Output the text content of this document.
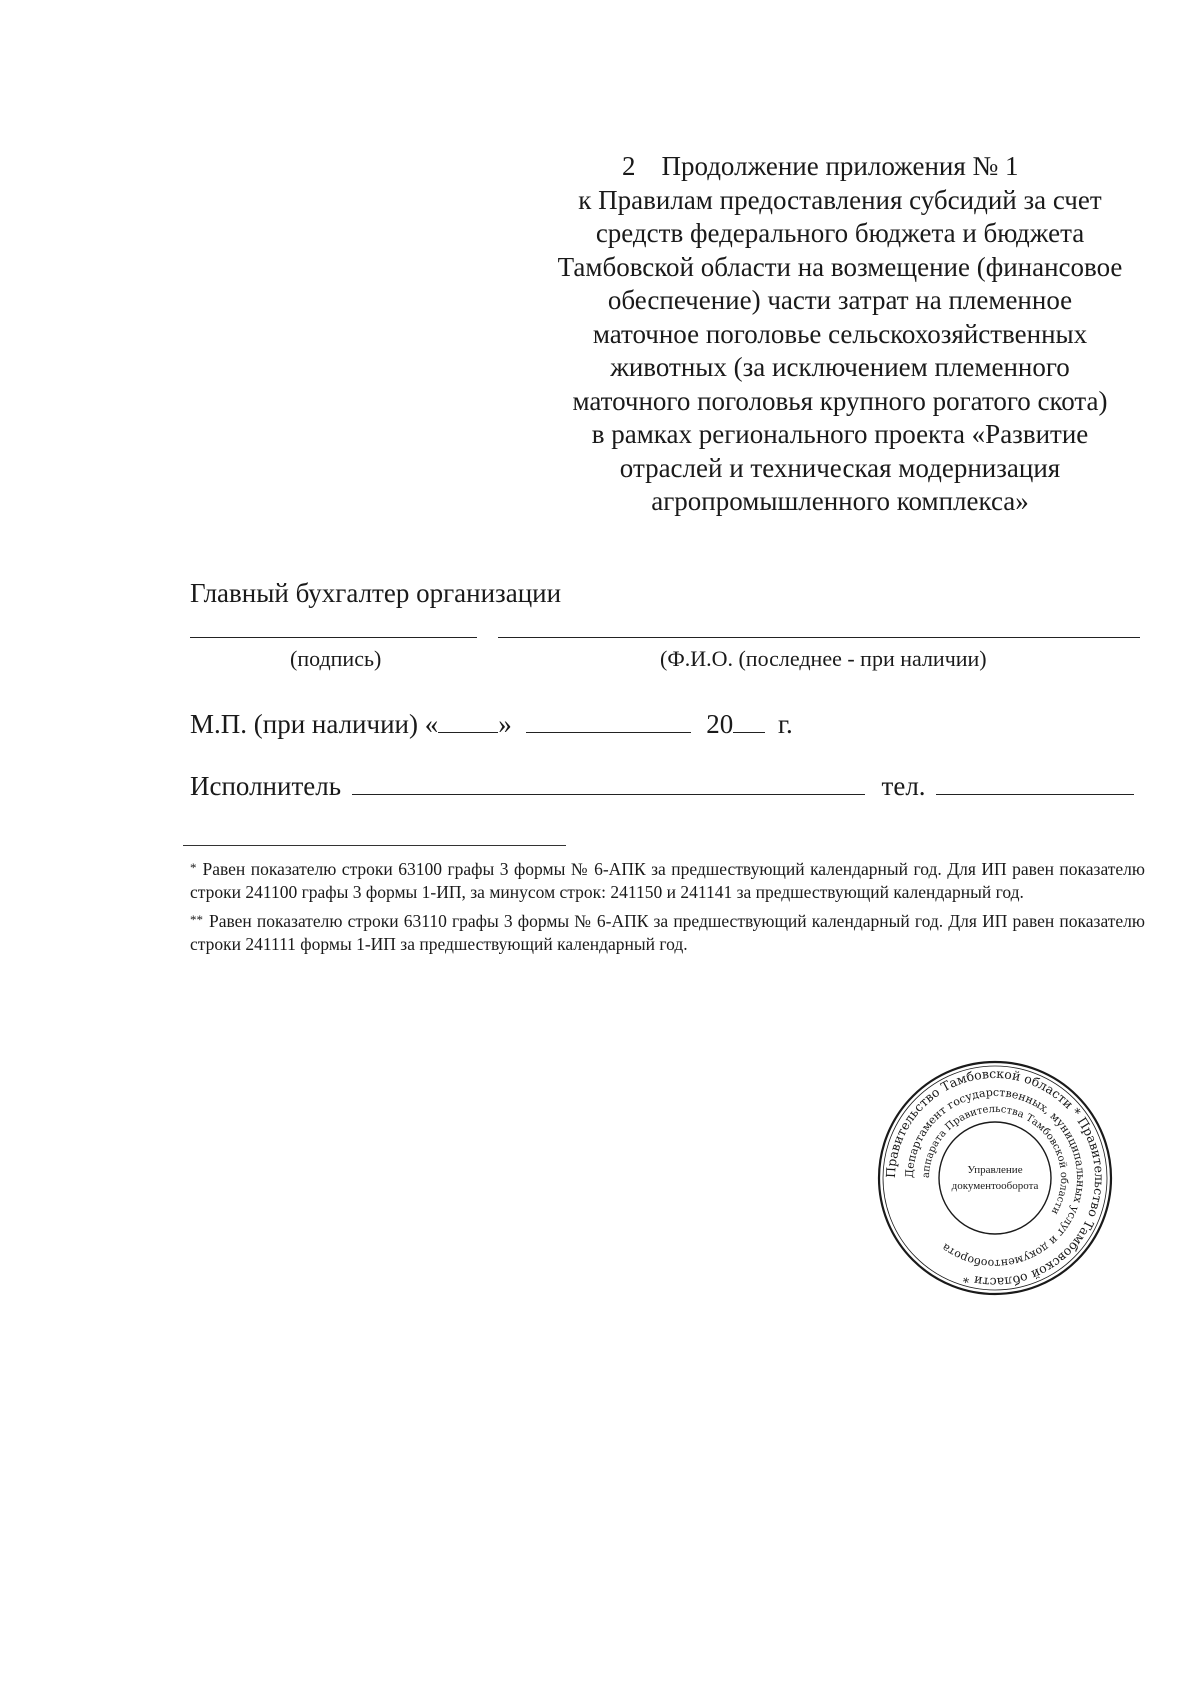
2 Продолжение приложения № 1
к Правилам предоставления субсидий за счет
средств федерального бюджета и бюджета
Тамбовской области на возмещение (финансовое
обеспечение) части затрат на племенное
маточное поголовье сельскохозяйственных
животных (за исключением племенного
маточного поголовья крупного рогатого скота)
в рамках регионального проекта «Развитие
отраслей и техническая модернизация
агропромышленного комплекса»
Главный бухгалтер организации
(подпись)	(Ф.И.О. (последнее - при наличии)
М.П. (при наличии) « »	20 г.
Исполнитель	тел.

* Равен показателю строки 63100 графы 3 формы № 6-АПК за предшествующий календарный год. Для ИП равен показателю строки 241100 графы 3 формы 1-ИП, за минусом строк: 241150 и 241141 за предшествующий календарный год.

** Равен показателю строки 63110 графы 3 формы № 6-АПК за предшествующий календарный год. Для ИП равен показателю строки 241111 формы 1-ИП за предшествующий календарный год.

Правительство Тамбовской области * Правительство Тамбовской области *
Департамент государственных, муниципальных услуг и документооборота
аппарата Правительства Тамбовской области
Управление
документооборота
